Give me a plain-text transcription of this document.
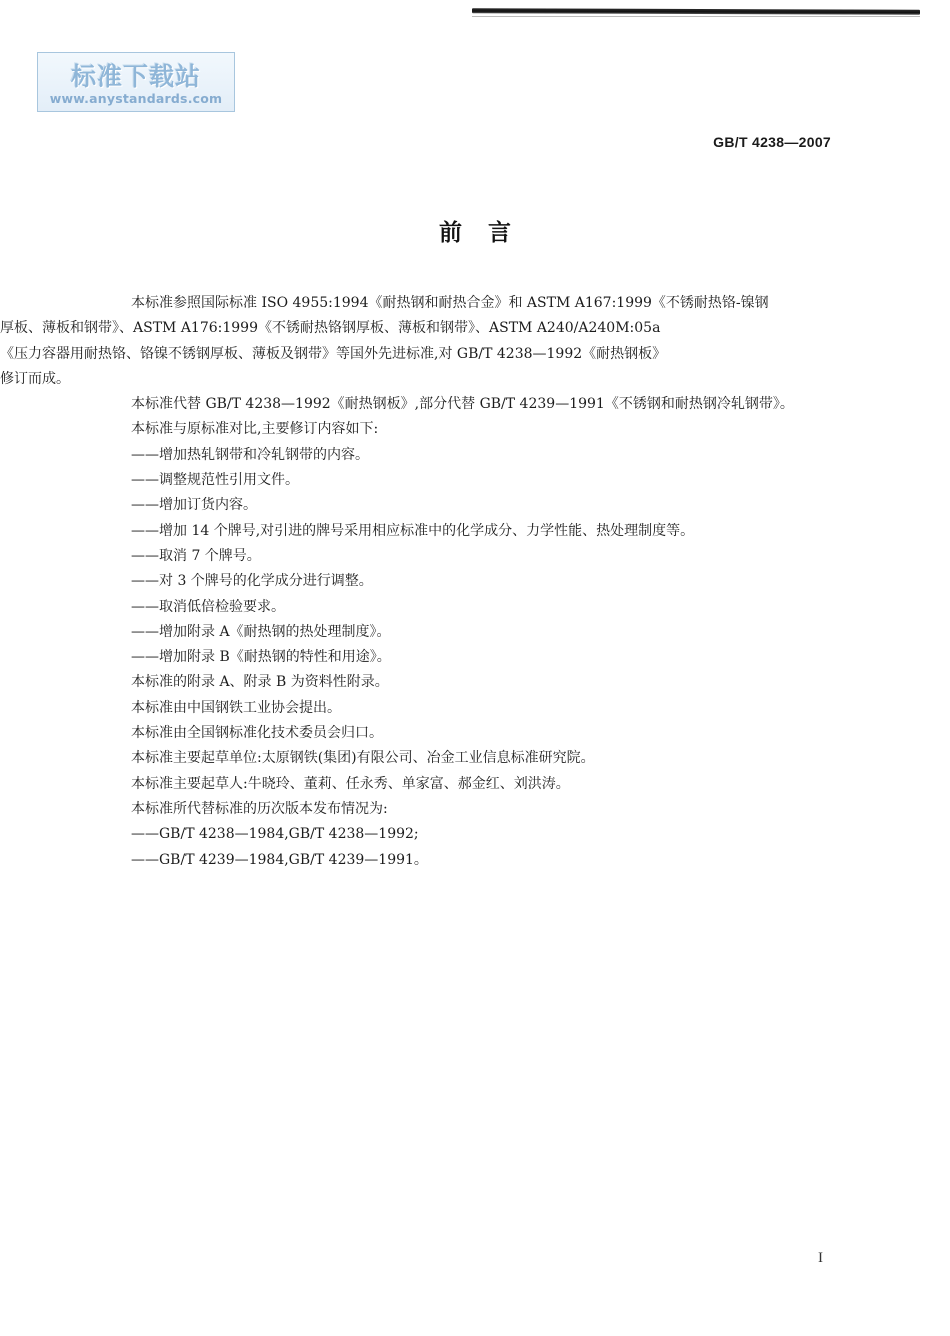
标准下载站
www.anystandards.com
GB/T 4238—2007
前言

本标准参照国际标准 ISO 4955:1994《耐热钢和耐热合金》和 ASTM A167:1999《不锈耐热铬-镍钢

厚板、薄板和钢带》、ASTM A176:1999《不锈耐热铬钢厚板、薄板和钢带》、ASTM A240/A240M:05a

《压力容器用耐热铬、铬镍不锈钢厚板、薄板及钢带》等国外先进标准,对 GB/T 4238—1992《耐热钢板》

修订而成。

本标准代替 GB/T 4238—1992《耐热钢板》,部分代替 GB/T 4239—1991《不锈钢和耐热钢冷轧钢带》。

本标准与原标准对比,主要修订内容如下:

——增加热轧钢带和冷轧钢带的内容。

——调整规范性引用文件。

——增加订货内容。

——增加 14 个牌号,对引进的牌号采用相应标准中的化学成分、力学性能、热处理制度等。

——取消 7 个牌号。

——对 3 个牌号的化学成分进行调整。

——取消低倍检验要求。

——增加附录 A《耐热钢的热处理制度》。

——增加附录 B《耐热钢的特性和用途》。

本标准的附录 A、附录 B 为资料性附录。

本标准由中国钢铁工业协会提出。

本标准由全国钢标准化技术委员会归口。

本标准主要起草单位:太原钢铁(集团)有限公司、冶金工业信息标准研究院。

本标准主要起草人:牛晓玲、董莉、任永秀、单家富、郝金红、刘洪涛。

本标准所代替标准的历次版本发布情况为:

——GB/T 4238—1984,GB/T 4238—1992;

——GB/T 4239—1984,GB/T 4239—1991。

I
